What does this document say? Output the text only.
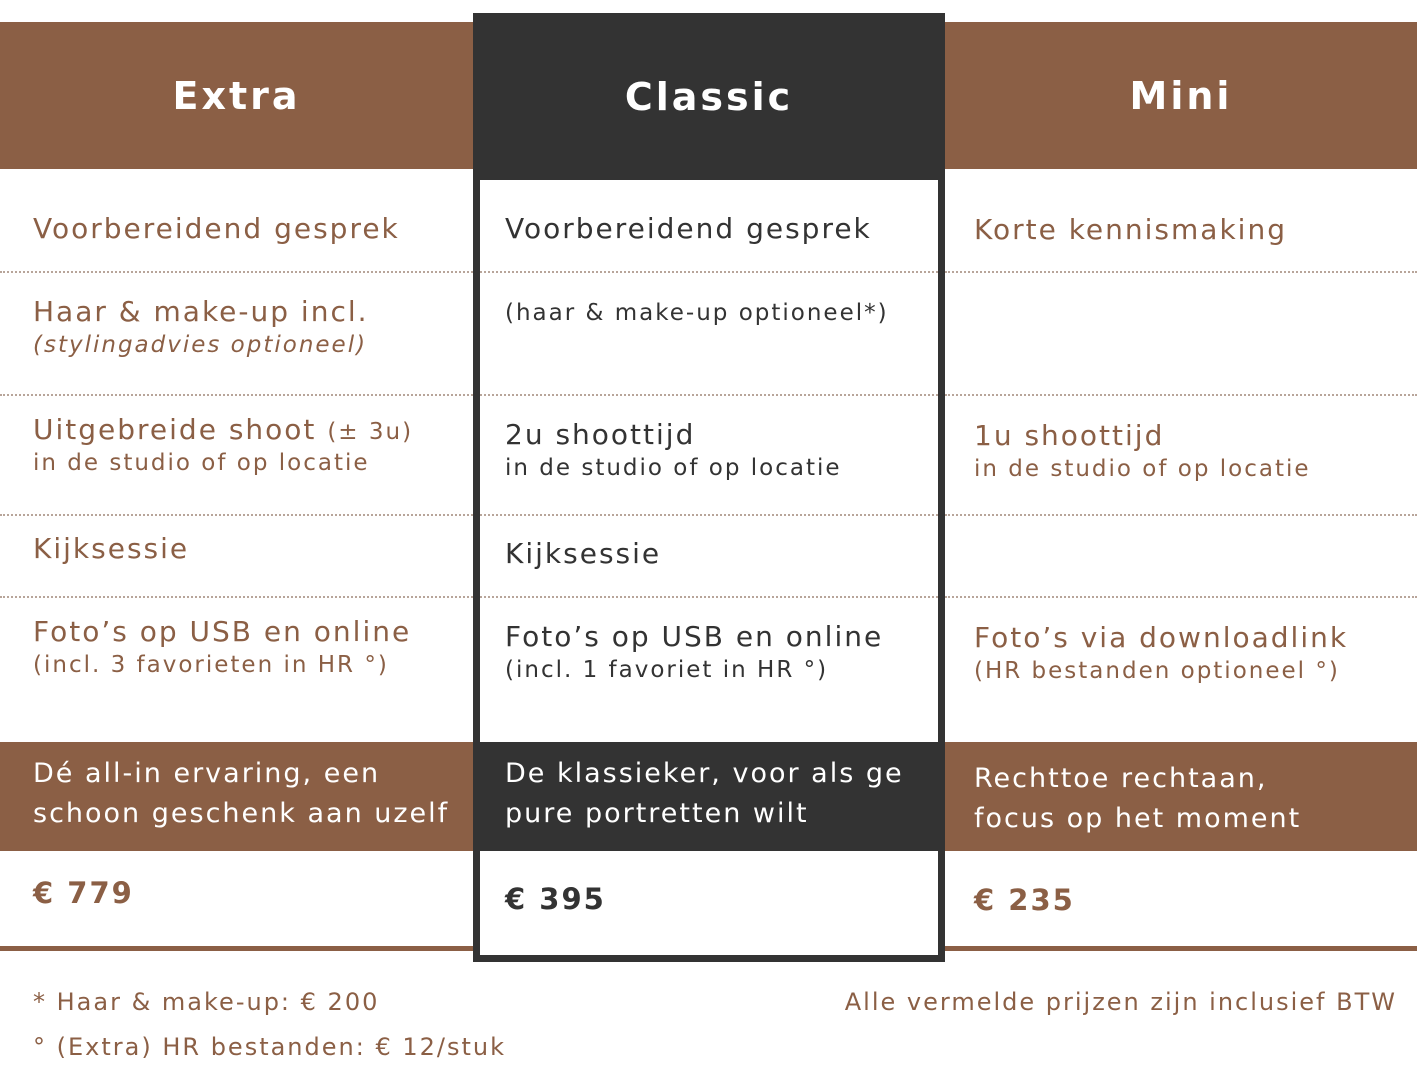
Extra
Voorbereidend gesprek
Haar & make-up incl.
(stylingadvies optioneel)
Uitgebreide shoot (± 3u)
in de studio of op locatie
Kijksessie
Foto’s op USB en online
(incl. 3 favorieten in HR °)
Dé all-in ervaring, een
schoon geschenk aan uzelf
€ 779
Classic
Voorbereidend gesprek
(haar & make-up optioneel*)
2u shoottijd
in de studio of op locatie
Kijksessie
Foto’s op USB en online
(incl. 1 favoriet in HR °)
De klassieker, voor als ge
pure portretten wilt
€ 395
Mini
Korte kennismaking
1u shoottijd
in de studio of op locatie
Foto’s via downloadlink
(HR bestanden optioneel °)
Rechttoe rechtaan,
focus op het moment
€ 235
* Haar & make-up: € 200
° (Extra) HR bestanden: € 12/stuk
Alle vermelde prijzen zijn inclusief BTW
